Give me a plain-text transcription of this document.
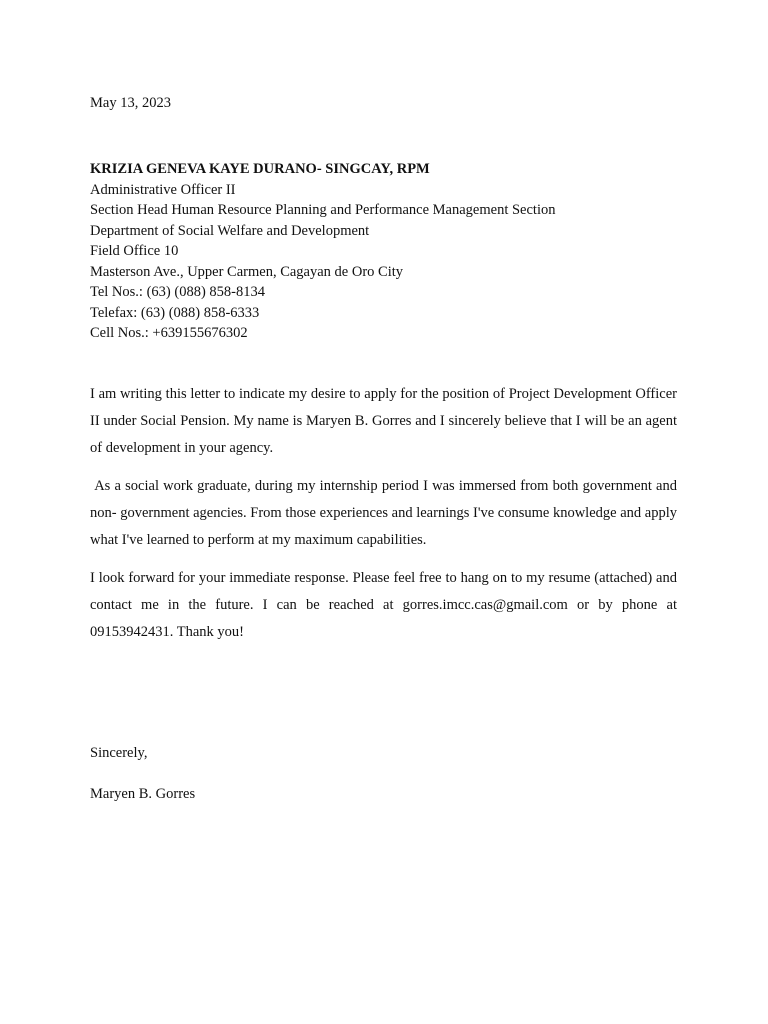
May 13, 2023
KRIZIA GENEVA KAYE DURANO- SINGCAY, RPM
Administrative Officer II
Section Head Human Resource Planning and Performance Management Section
Department of Social Welfare and Development
Field Office 10
Masterson Ave., Upper Carmen, Cagayan de Oro City
Tel Nos.: (63) (088) 858-8134
Telefax: (63) (088) 858-6333
Cell Nos.: +639155676302

I am writing this letter to indicate my desire to apply for the position of Project Development Officer II under Social Pension. My name is Maryen B. Gorres and I sincerely believe that I will be an agent of development in your agency.

As a social work graduate, during my internship period I was immersed from both government and non- government agencies. From those experiences and learnings I've consume knowledge and apply what I've learned to perform at my maximum capabilities.

I look forward for your immediate response. Please feel free to hang on to my resume (attached) and contact me in the future. I can be reached at gorres.imcc.cas@gmail.com or by phone at 09153942431. Thank you!

Sincerely,
Maryen B. Gorres
